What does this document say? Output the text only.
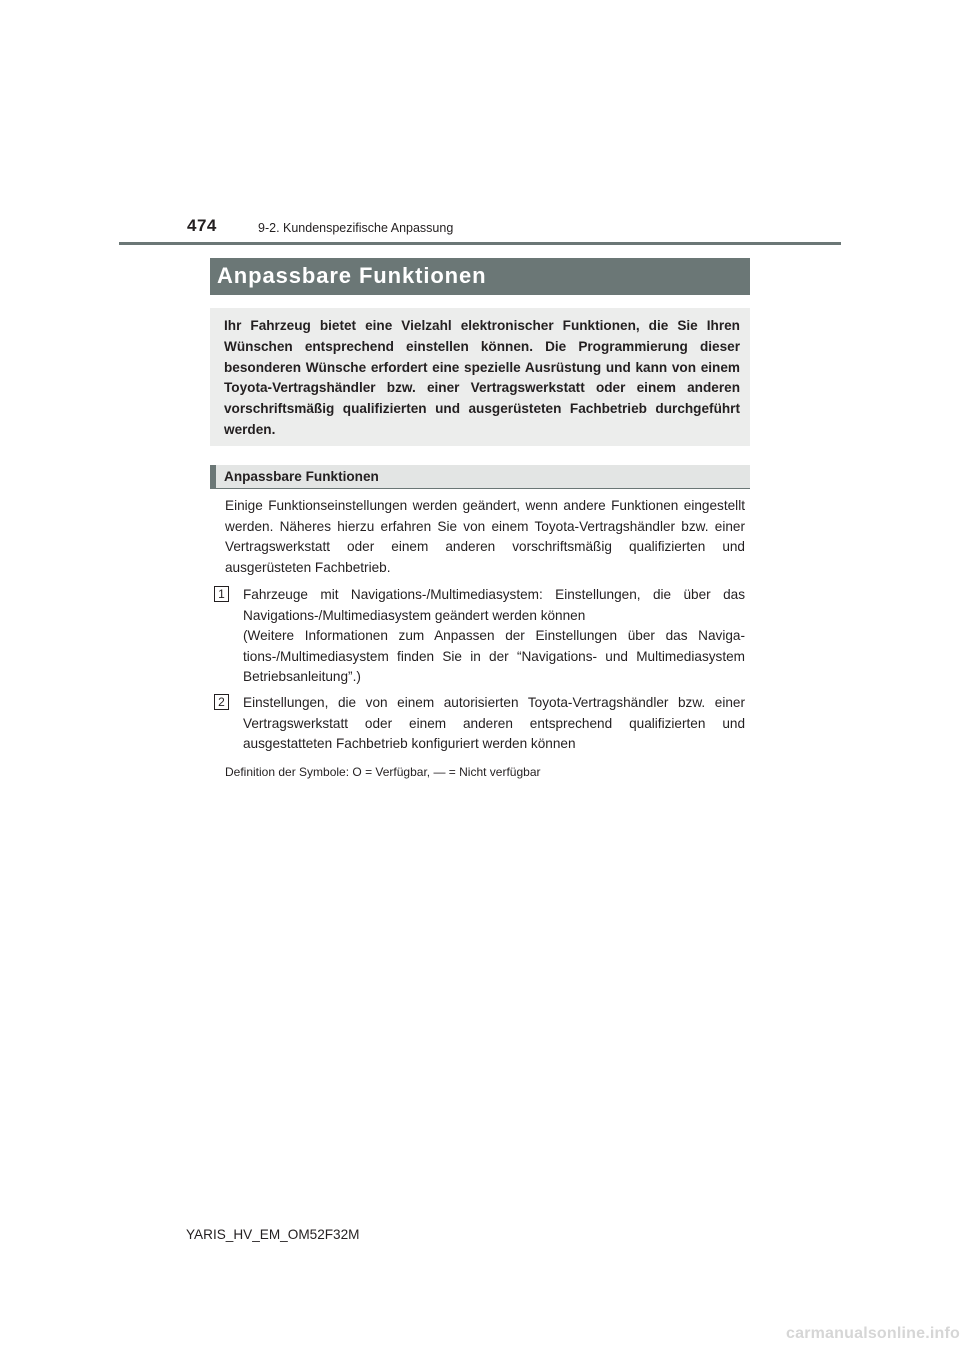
474	9-2. Kundenspezifische Anpassung
Anpassbare Funktionen
Ihr Fahrzeug bietet eine Vielzahl elektronischer Funktionen, die Sie Ihren Wünschen entsprechend einstellen können. Die Programmierung dieser besonderen Wünsche erfordert eine spezielle Ausrüstung und kann von einem Toyota-Vertragshändler bzw. einer Vertragswerkstatt oder einem anderen vorschriftsmäßig qualifizierten und ausgerüsteten Fachbetrieb durchgeführt werden.
Anpassbare Funktionen
Einige Funktionseinstellungen werden geändert, wenn andere Funktionen eingestellt werden. Näheres hierzu erfahren Sie von einem Toyota-Vertragshändler bzw. einer Vertragswerkstatt oder einem anderen vorschriftsmäßig qualifizierten und ausgerüsteten Fachbetrieb.
1	Fahrzeuge mit Navigations-/Multimediasystem: Einstellungen, die über das Navigations-/Multimediasystem geändert werden können
(Weitere Informationen zum Anpassen der Einstellungen über das Navigations-/Multimediasystem finden Sie in der “Navigations- und Multimediasystem Betriebsanleitung”.)
2	Einstellungen, die von einem autorisierten Toyota-Vertragshändler bzw. einer Vertragswerkstatt oder einem anderen entsprechend qualifizierten und ausgestatteten Fachbetrieb konfiguriert werden können
Definition der Symbole: O = Verfügbar, — = Nicht verfügbar
YARIS_HV_EM_OM52F32M
carmanualsonline.info
